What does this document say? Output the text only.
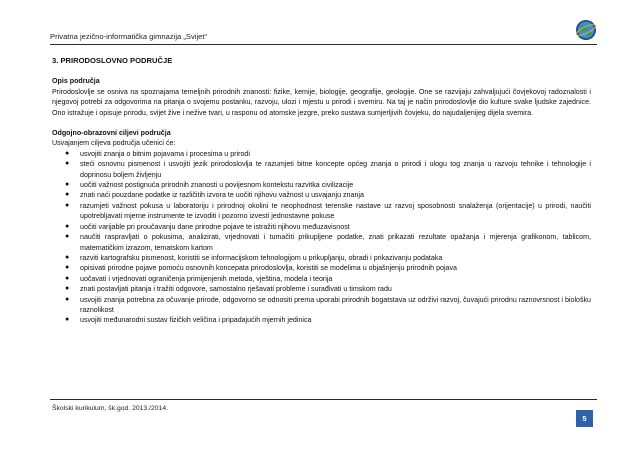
Privatna jezično-informatička gimnazija „Svijet“
3. PRIRODOSLOVNO PODRUČJE
Opis područja

Prirodoslovlje se osniva na spoznajama temeljnih prirodnih znanosti: fizike, kemije, biologije, geografije, geologije. One se razvijaju zahvaljujući čovjekovoj radoznalosti i njegovoj potrebi za odgovorima na pitanja o svojemu postanku, razvoju, ulozi i mjestu u prirodi i svemiru. Na taj je način prirodoslovlje dio kulture svake ljudske zajednice. Ono istražuje i opisuje prirodu, svijet žive i nežive tvari, u rasponu od atomske jezgre, preko sustava sumjerljivih čovjeku, do najudaljenijeg dijela svemira.

Odgojno-obrazovni ciljevi područja

Usvajanjem ciljeva područja učenici će:

● usvojiti znanja o bitnim pojavama i procesima u prirodi
● steći osnovnu pismenost i usvojiti jezik prirodoslovlja te razumjeti bitne koncepte općeg znanja o prirodi i ulogu tog znanja u razvoju tehnike i tehnologije i doprinosu boljem življenju
● uočiti važnost postignuća prirodnih znanosti u povijesnom kontekstu razvitka civilizacije
● znati naći pouzdane podatke iz različitih izvora te uočiti njihovu važnost u usvajanju znanja
● razumjeti važnost pokusa u laboratoriju i prirodnoj okolini te neophodnost terenske nastave uz razvoj sposobnosti snalaženja (orijentacije) u prirodi, naučiti upotrebljavati mjerne instrumente te izvoditi i pozorno izvesti jednostavne pokuse
● uočiti varijable pri proučavanju dane prirodne pojave te istražiti njihovu međuzavisnost
● naučiti raspravljati o pokusima, analizirati, vrjednovati i tumačiti prikupljene podatke, znati prikazati rezultate opažanja i mjerenja grafikonom, tablicom, matematičkim izrazom, tematskom kartom
● razviti kartografsku pismenost, koristiti se informacijskom tehnologijom u prikupljanju, obradi i prikazivanju podataka
● opisivati prirodne pojave pomoću osnovnih koncepata prirodoslovlja, koristiti se modelima u objašnjenju prirodnih pojava
● uočavati i vrjednovati ograničenja primijenjenih metoda, vještina, modela i teorija
● znati postavljati pitanja i tražiti odgovore, samostalno rješavati probleme i surađivati u timskom radu
● usvojiti znanja potrebna za očuvanje prirode, odgovorno se odnositi prema uporabi prirodnih bogatstava uz održivi razvoj, čuvajući prirodnu raznovrsnost i biološku raznolikost
● usvojiti međunarodni sustav fizičkih veličina i pripadajućih mjernih jedinica
Školski kurikulum, šk.god. 2013./2014.
5
